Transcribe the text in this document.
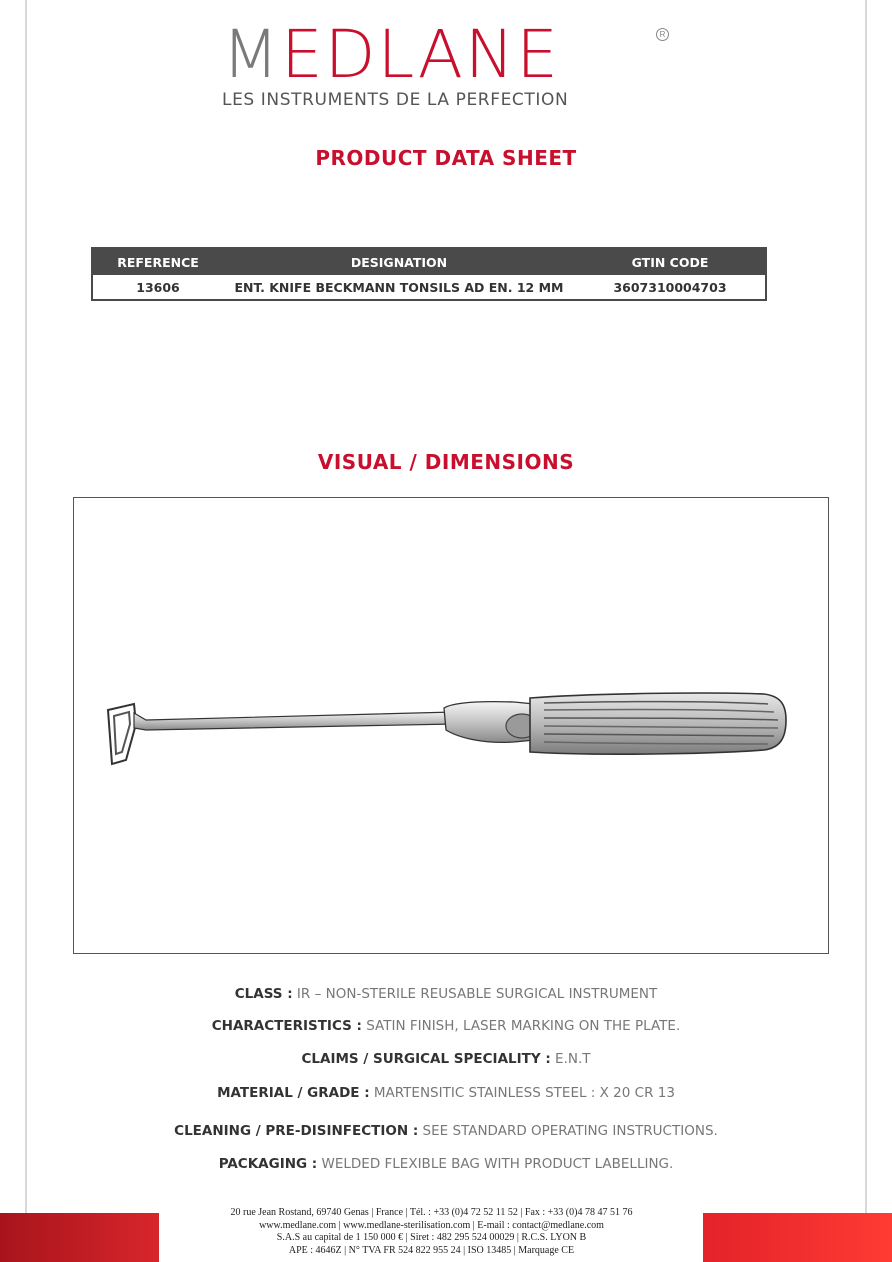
MEDLANE	R
LES INSTRUMENTS DE LA PERFECTION
PRODUCT DATA SHEET
REFERENCE	DESIGNATION	GTIN CODE
13606	ENT. KNIFE BECKMANN TONSILS AD EN. 12 MM	3607310004703
VISUAL / DIMENSIONS
CLASS : IR – NON-STERILE REUSABLE SURGICAL INSTRUMENT
CHARACTERISTICS : SATIN FINISH, LASER MARKING ON THE PLATE.
CLAIMS / SURGICAL SPECIALITY : E.N.T
MATERIAL / GRADE : MARTENSITIC STAINLESS STEEL : X 20 CR 13
CLEANING / PRE-DISINFECTION : SEE STANDARD OPERATING INSTRUCTIONS.
PACKAGING : WELDED FLEXIBLE BAG WITH PRODUCT LABELLING.
20 rue Jean Rostand, 69740 Genas | France | Tél. : +33 (0)4 72 52 11 52 | Fax : +33 (0)4 78 47 51 76
www.medlane.com | www.medlane-sterilisation.com | E-mail : contact@medlane.com
S.A.S au capital de 1 150 000 € | Siret : 482 295 524 00029 | R.C.S. LYON B
APE : 4646Z | N° TVA FR 524 822 955 24 | ISO 13485 | Marquage CE
